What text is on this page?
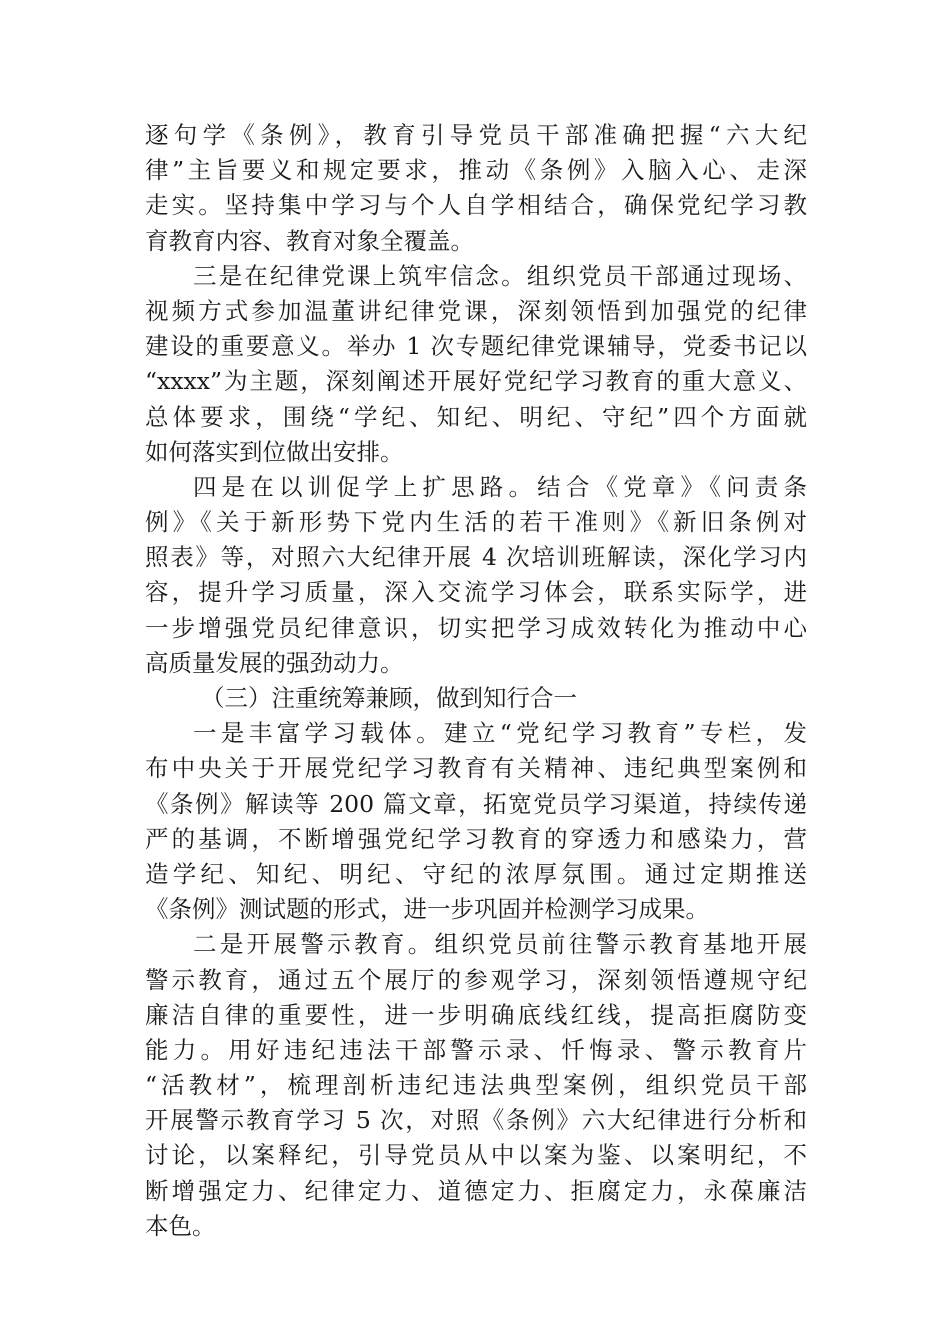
逐句学《条例》，教育引导党员干部准确把握“六大纪
律”主旨要义和规定要求，推动《条例》入脑入心、走深
走实。坚持集中学习与个人自学相结合，确保党纪学习教
育教育内容、教育对象全覆盖。
三是在纪律党课上筑牢信念。组织党员干部通过现场、
视频方式参加温董讲纪律党课，深刻领悟到加强党的纪律
建设的重要意义。举办 1 次专题纪律党课辅导，党委书记以
“xxxx”为主题，深刻阐述开展好党纪学习教育的重大意义、
总体要求，围绕“学纪、知纪、明纪、守纪”四个方面就
如何落实到位做出安排。
四是在以训促学上扩思路。结合《党章》《问责条
例》《关于新形势下党内生活的若干准则》《新旧条例对
照表》等，对照六大纪律开展 4 次培训班解读，深化学习内
容，提升学习质量，深入交流学习体会，联系实际学，进
一步增强党员纪律意识，切实把学习成效转化为推动中心
高质量发展的强劲动力。
（三）注重统筹兼顾，做到知行合一
一是丰富学习载体。建立“党纪学习教育”专栏，发
布中央关于开展党纪学习教育有关精神、违纪典型案例和
《条例》解读等 200 篇文章，拓宽党员学习渠道，持续传递
严的基调，不断增强党纪学习教育的穿透力和感染力，营
造学纪、知纪、明纪、守纪的浓厚氛围。通过定期推送
《条例》测试题的形式，进一步巩固并检测学习成果。
二是开展警示教育。组织党员前往警示教育基地开展
警示教育，通过五个展厅的参观学习，深刻领悟遵规守纪
廉洁自律的重要性，进一步明确底线红线，提高拒腐防变
能力。用好违纪违法干部警示录、忏悔录、警示教育片
“活教材”，梳理剖析违纪违法典型案例，组织党员干部
开展警示教育学习 5 次，对照《条例》六大纪律进行分析和
讨论，以案释纪，引导党员从中以案为鉴、以案明纪，不
断增强定力、纪律定力、道德定力、拒腐定力，永葆廉洁
本色。
